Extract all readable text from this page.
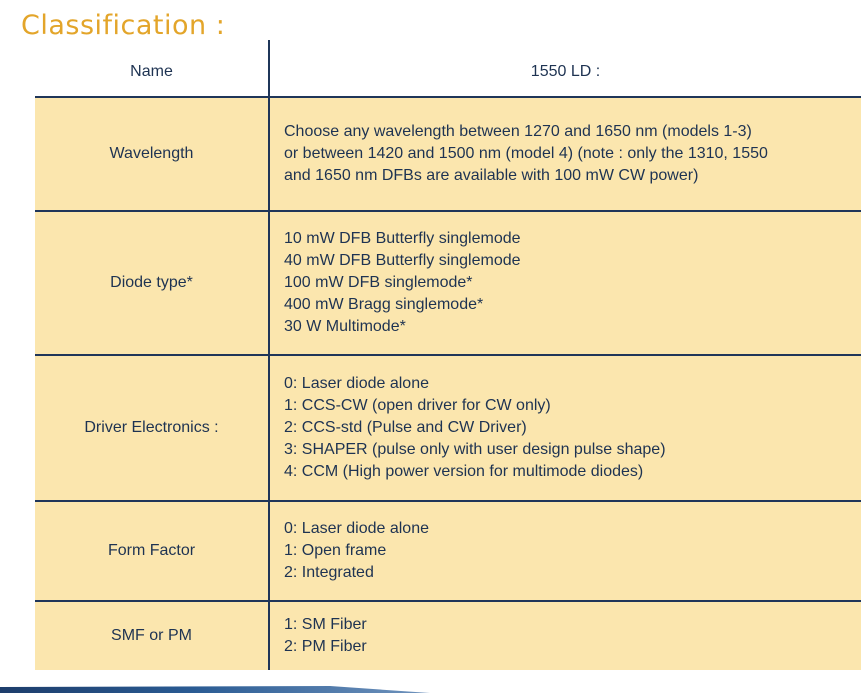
Classification :
Name	1550 LD :
Wavelength
Choose any wavelength between 1270 and 1650 nm (models 1-3)
or between 1420 and 1500 nm (model 4) (note : only the 1310, 1550
and 1650 nm DFBs are available with 100 mW CW power)
Diode type*
10 mW DFB Butterfly singlemode
40 mW DFB Butterfly singlemode
100 mW DFB singlemode*
400 mW Bragg singlemode*
30 W Multimode*
Driver Electronics :
0: Laser diode alone
1: CCS-CW (open driver for CW only)
2: CCS-std (Pulse and CW Driver)
3: SHAPER (pulse only with user design pulse shape)
4: CCM (High power version for multimode diodes)
Form Factor
0: Laser diode alone
1: Open frame
2: Integrated
SMF or PM
1: SM Fiber
2: PM Fiber
